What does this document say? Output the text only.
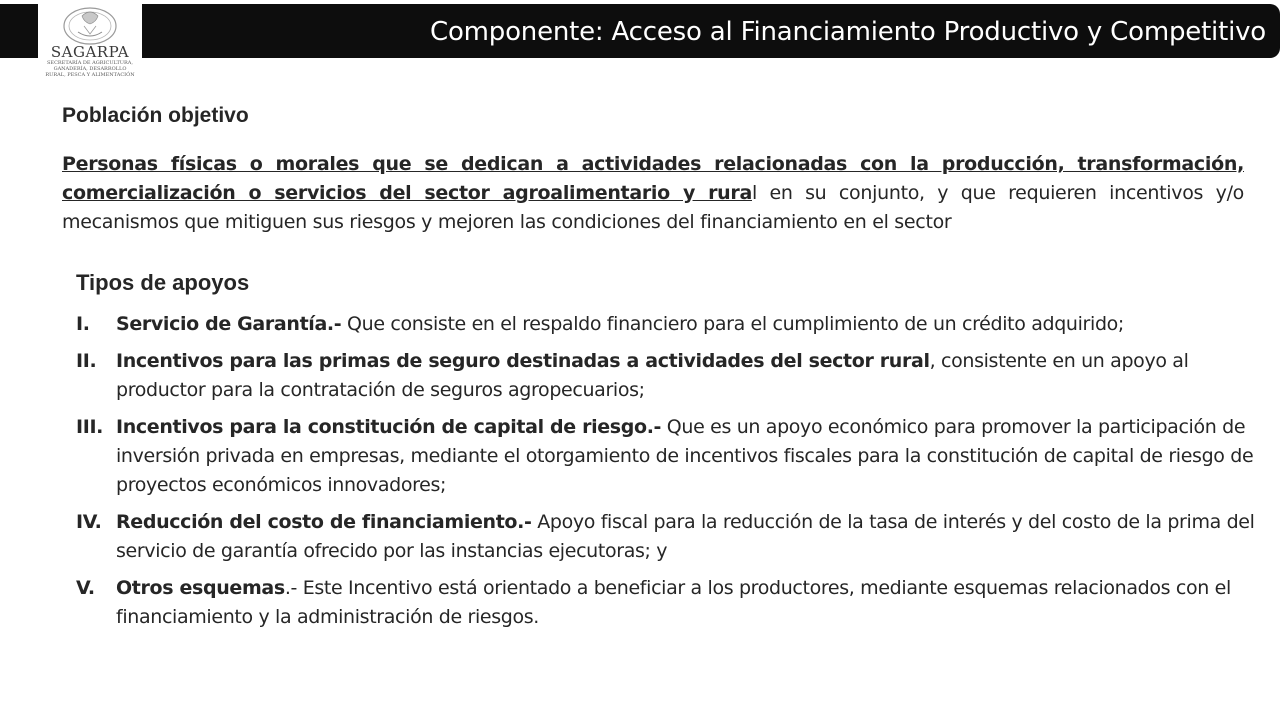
Componente: Acceso al Financiamiento Productivo y Competitivo
SAGARPA
SECRETARÍA DE AGRICULTURA, GANADERÍA, DESARROLLO RURAL, PESCA Y ALIMENTACIÓN
Población objetivo

Personas físicas o morales que se dedican a actividades relacionadas con la producción, transformación, comercialización o servicios del sector agroalimentario y rural en su conjunto, y que requieren incentivos y/o mecanismos que mitiguen sus riesgos y mejoren las condiciones del financiamiento en el sector

Tipos de apoyos
I. Servicio de Garantía.- Que consiste en el respaldo financiero para el cumplimiento de un crédito adquirido;
II. Incentivos para las primas de seguro destinadas a actividades del sector rural, consistente en un apoyo al productor para la contratación de seguros agropecuarios;
III. Incentivos para la constitución de capital de riesgo.- Que es un apoyo económico para promover la participación de inversión privada en empresas, mediante el otorgamiento de incentivos fiscales para la constitución de capital de riesgo de proyectos económicos innovadores;
IV. Reducción del costo de financiamiento.- Apoyo fiscal para la reducción de la tasa de interés y del costo de la prima del servicio de garantía ofrecido por las instancias ejecutoras; y
V. Otros esquemas.- Este Incentivo está orientado a beneficiar a los productores, mediante esquemas relacionados con el financiamiento y la administración de riesgos.
